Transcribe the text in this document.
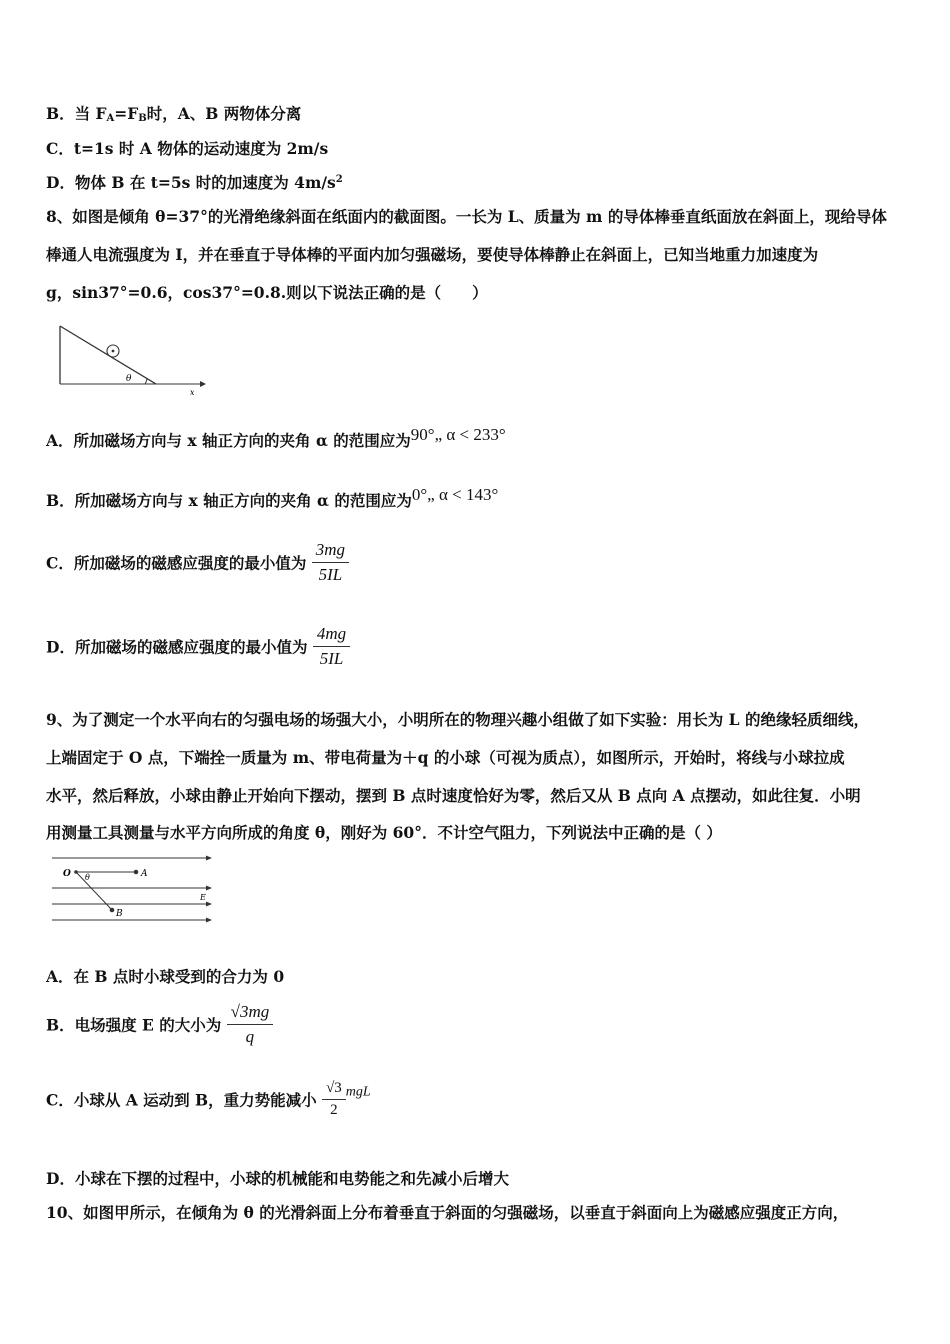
B．当 $F_A=F_B$时，A、B 两物体分离
C．t=1s 时 A 物体的运动速度为 2m/s
D．物体 B 在 t=5s 时的加速度为 $4m/s^2$
8、如图是倾角 θ=37°的光滑绝缘斜面在纸面内的截面图。一长为 L、质量为 m 的导体棒垂直纸面放在斜面上，现给导体
棒通人电流强度为 I，并在垂直于导体棒的平面内加匀强磁场，要使导体棒静止在斜面上，已知当地重力加速度为
g，sin37°=0.6，cos37°=0.8.则以下说法正确的是（　　）
θ
x
A．所加磁场方向与 x 轴正方向的夹角 α 的范围应为90°„ α < 233°
B．所加磁场方向与 x 轴正方向的夹角 α 的范围应为0°„ α < 143°
C．所加磁场的磁感应强度的最小值为 $\frac{3mg}{5IL}$
D．所加磁场的磁感应强度的最小值为 $\frac{4mg}{5IL}$
9、为了测定一个水平向右的匀强电场的场强大小，小明所在的物理兴趣小组做了如下实验：用长为 L 的绝缘轻质细线，
上端固定于 O 点，下端拴一质量为 m、带电荷量为＋q 的小球（可视为质点），如图所示，开始时，将线与小球拉成
水平，然后释放，小球由静止开始向下摆动，摆到 B 点时速度恰好为零，然后又从 B 点向 A 点摆动，如此往复．小明
用测量工具测量与水平方向所成的角度 θ，刚好为 60°．不计空气阻力，下列说法中正确的是（ ）
O θ	A
B
E
A．在 B 点时小球受到的合力为 0
B．电场强度 E 的大小为 $\frac{√3mg}{q}$
C．小球从 A 运动到 B，重力势能减小 $\frac{√3}{2}$ mgL
D．小球在下摆的过程中，小球的机械能和电势能之和先减小后增大
10、如图甲所示，在倾角为 θ 的光滑斜面上分布着垂直于斜面的匀强磁场，以垂直于斜面向上为磁感应强度正方向，
